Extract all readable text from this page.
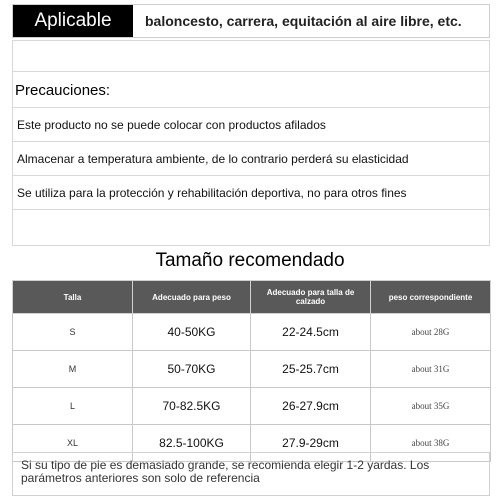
Aplicable	baloncesto, carrera, equitación al aire libre, etc.
Precauciones:
Este producto no se puede colocar con productos afilados
Almacenar a temperatura ambiente, de lo contrario perderá su elasticidad
Se utiliza para la protección y rehabilitación deportiva, no para otros fines
Tamaño recomendado
Talla	Adecuado para peso	Adecuado para talla de calzado	peso correspondiente
S	40-50KG	22-24.5cm	about 28G
M	50-70KG	25-25.7cm	about 31G
L	70-82.5KG	26-27.9cm	about 35G
XL	82.5-100KG	27.9-29cm	about 38G
Si su tipo de pie es demasiado grande, se recomienda elegir 1-2 yardas. Los parámetros anteriores son solo de referencia
